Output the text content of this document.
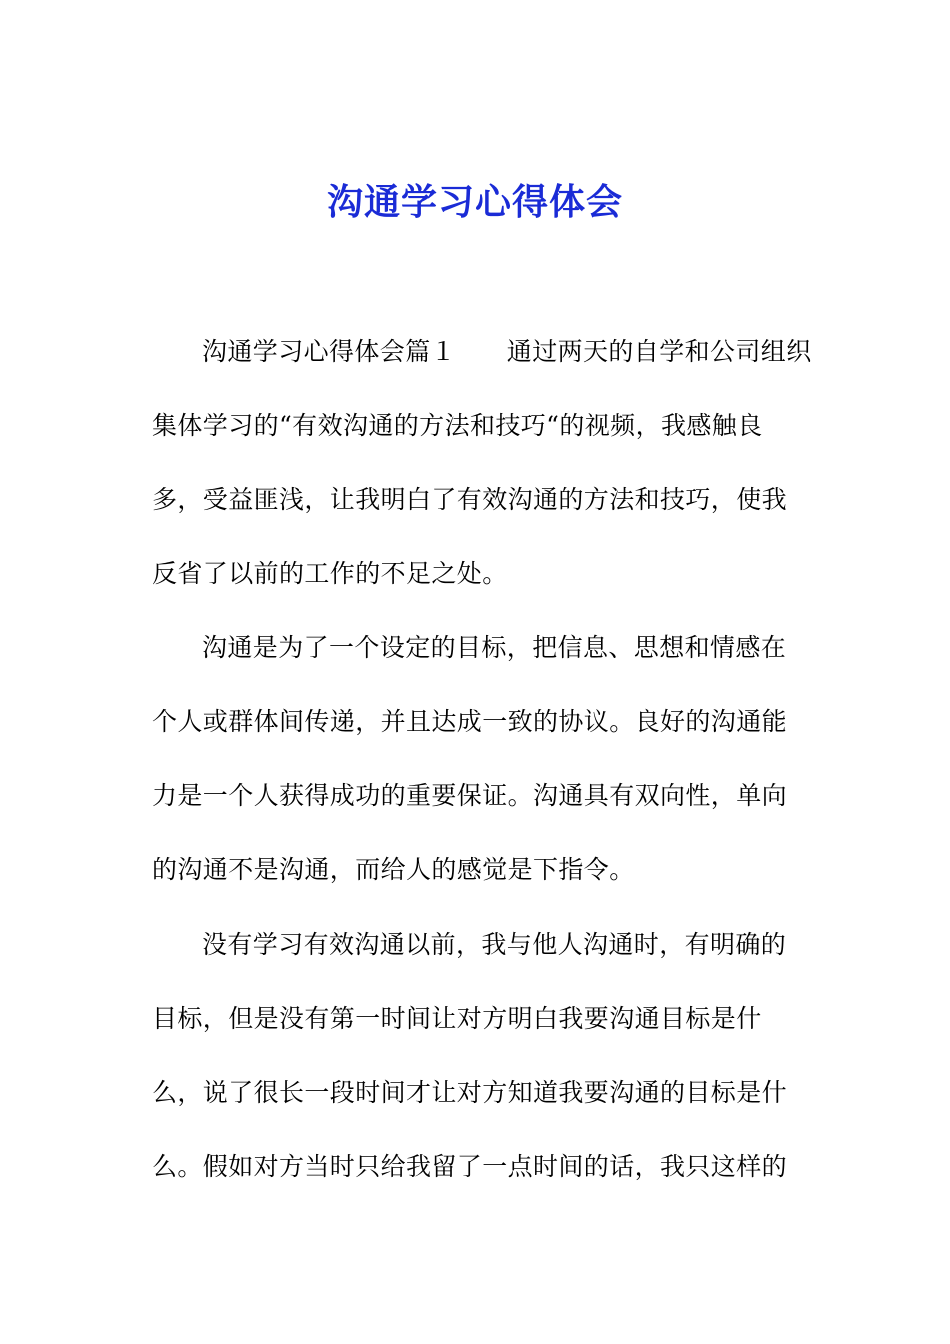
沟通学习心得体会
沟通学习心得体会篇１　　通过两天的自学和公司组织
集体学习的“有效沟通的方法和技巧“的视频，我感触良
多，受益匪浅，让我明白了有效沟通的方法和技巧，使我
反省了以前的工作的不足之处。
沟通是为了一个设定的目标，把信息、思想和情感在
个人或群体间传递，并且达成一致的协议。良好的沟通能
力是一个人获得成功的重要保证。沟通具有双向性，单向
的沟通不是沟通，而给人的感觉是下指令。
没有学习有效沟通以前，我与他人沟通时，有明确的
目标，但是没有第一时间让对方明白我要沟通目标是什
么，说了很长一段时间才让对方知道我要沟通的目标是什
么。假如对方当时只给我留了一点时间的话，我只这样的
